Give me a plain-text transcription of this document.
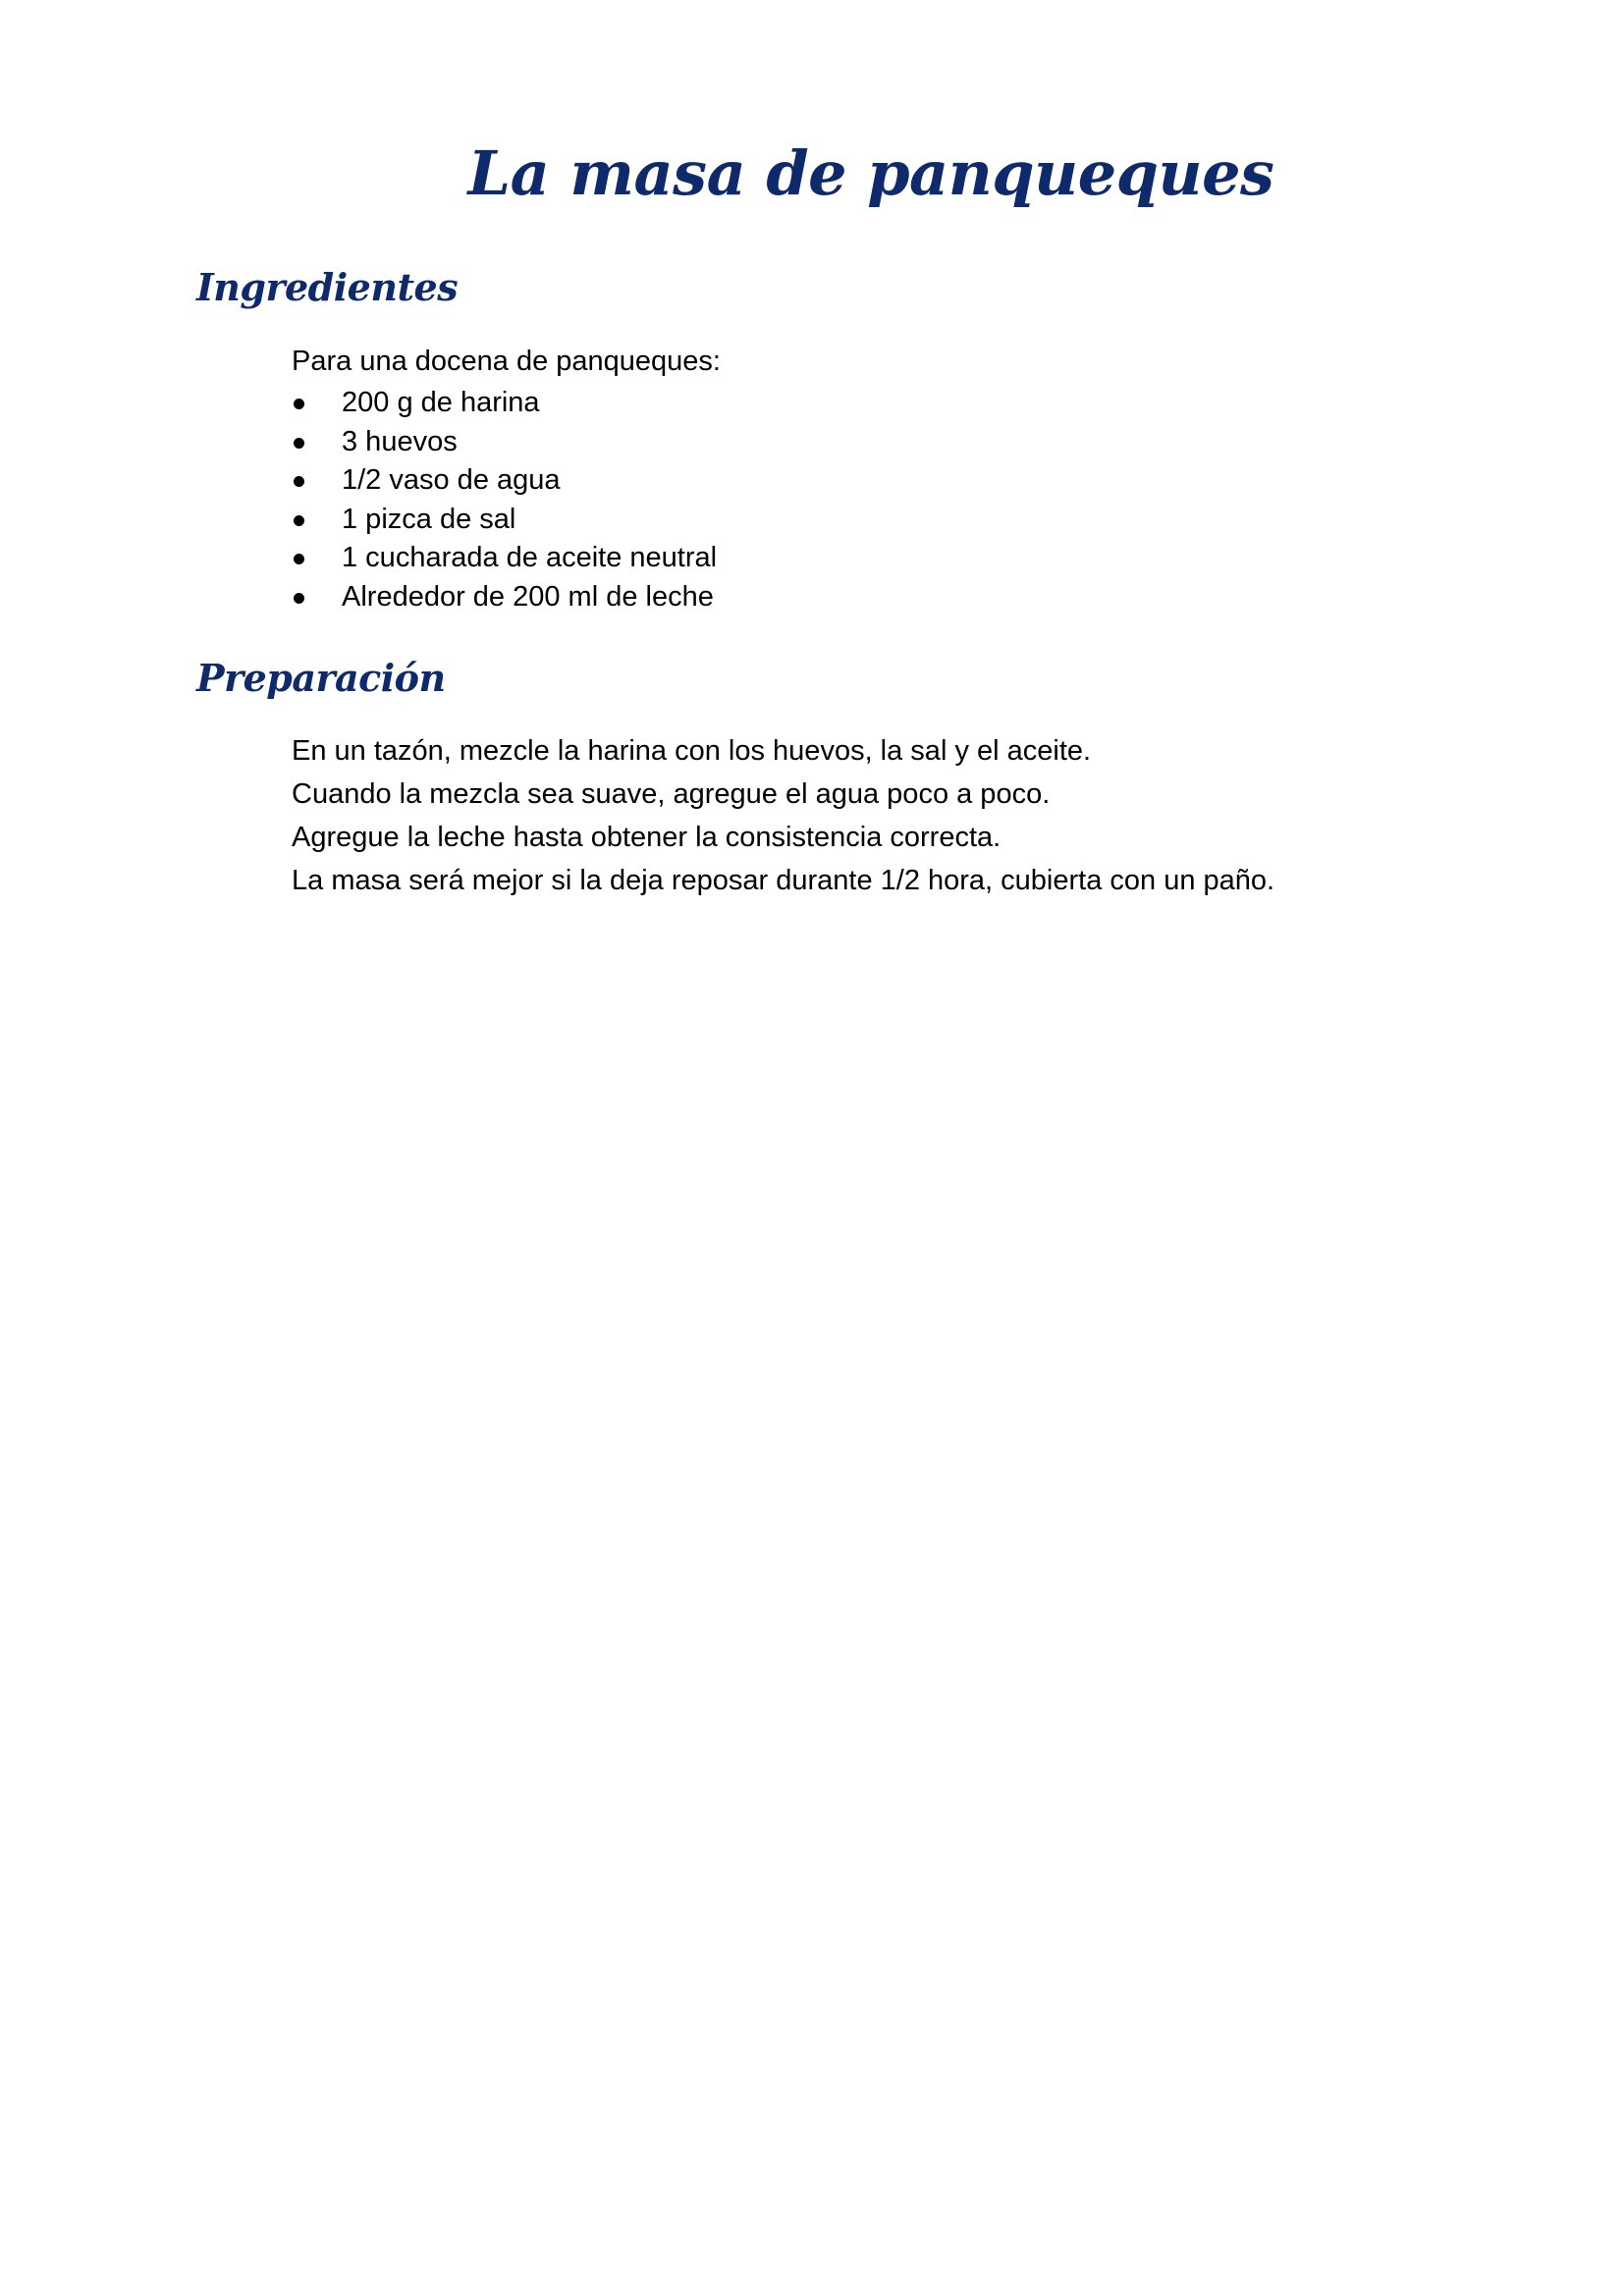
La masa de panqueques
Ingredientes

Para una docena de panqueques:

200 g de harina
3 huevos
1/2 vaso de agua
1 pizca de sal
1 cucharada de aceite neutral
Alrededor de 200 ml de leche
Preparación

En un tazón, mezcle la harina con los huevos, la sal y el aceite.

Cuando la mezcla sea suave, agregue el agua poco a poco.

Agregue la leche hasta obtener la consistencia correcta.

La masa será mejor si la deja reposar durante 1/2 hora, cubierta con un paño.
